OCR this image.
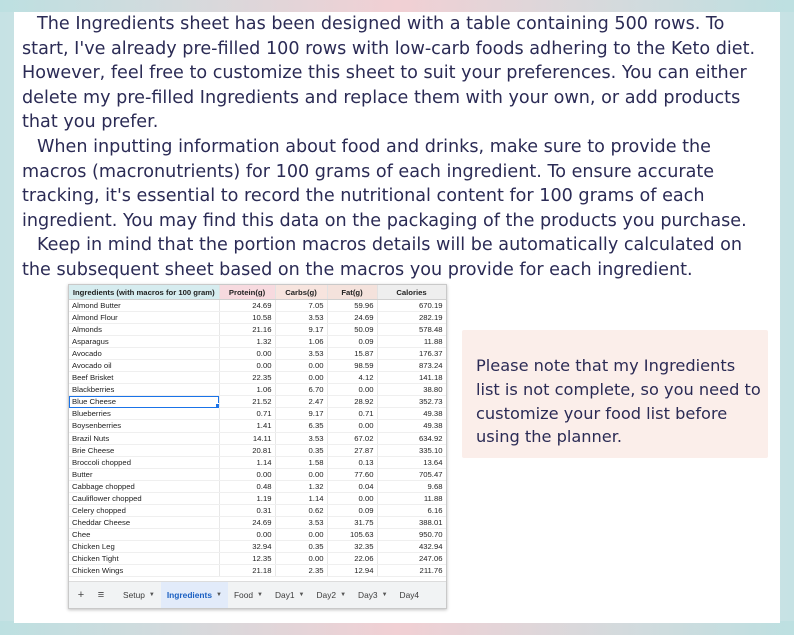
The Ingredients sheet has been designed with a table containing 500 rows. To start, I've already pre-filled 100 rows with low-carb foods adhering to the Keto diet. However, feel free to customize this sheet to suit your preferences. You can either delete my pre-filled Ingredients and replace them with your own, or add products that you prefer.

When inputting information about food and drinks, make sure to provide the macros (macronutrients) for 100 grams of each ingredient. To ensure accurate tracking, it's essential to record the nutritional content for 100 grams of each ingredient. You may find this data on the packaging of the products you purchase.

Keep in mind that the portion macros details will be automatically calculated on the subsequent sheet based on the macros you provide for each ingredient.

Ingredients (with macros for 100 gram)	Protein(g)	Carbs(g)	Fat(g)	Calories
Almond Butter	24.69	7.05	59.96	670.19
Almond Flour	10.58	3.53	24.69	282.19
Almonds	21.16	9.17	50.09	578.48
Asparagus	1.32	1.06	0.09	11.88
Avocado	0.00	3.53	15.87	176.37
Avocado oil	0.00	0.00	98.59	873.24
Beef Brisket	22.35	0.00	4.12	141.18
Blackberries	1.06	6.70	0.00	38.80
Blue Cheese	21.52	2.47	28.92	352.73
Blueberries	0.71	9.17	0.71	49.38
Boysenberries	1.41	6.35	0.00	49.38
Brazil Nuts	14.11	3.53	67.02	634.92
Brie Cheese	20.81	0.35	27.87	335.10
Broccoli chopped	1.14	1.58	0.13	13.64
Butter	0.00	0.00	77.60	705.47
Cabbage chopped	0.48	1.32	0.04	9.68
Cauliflower chopped	1.19	1.14	0.00	11.88
Celery chopped	0.31	0.62	0.09	6.16
Cheddar Cheese	24.69	3.53	31.75	388.01
Chee	0.00	0.00	105.63	950.70
Chicken Leg	32.94	0.35	32.35	432.94
Chicken Tight	12.35	0.00	22.06	247.06
Chicken Wings	21.18	2.35	12.94	211.76
+	≡	Setup ▼ Ingredients ▼ Food ▼ Day1 ▼ Day2 ▼ Day3 ▼ Day4

Please note that my Ingredients list is not complete, so you need to customize your food list before using the planner.
